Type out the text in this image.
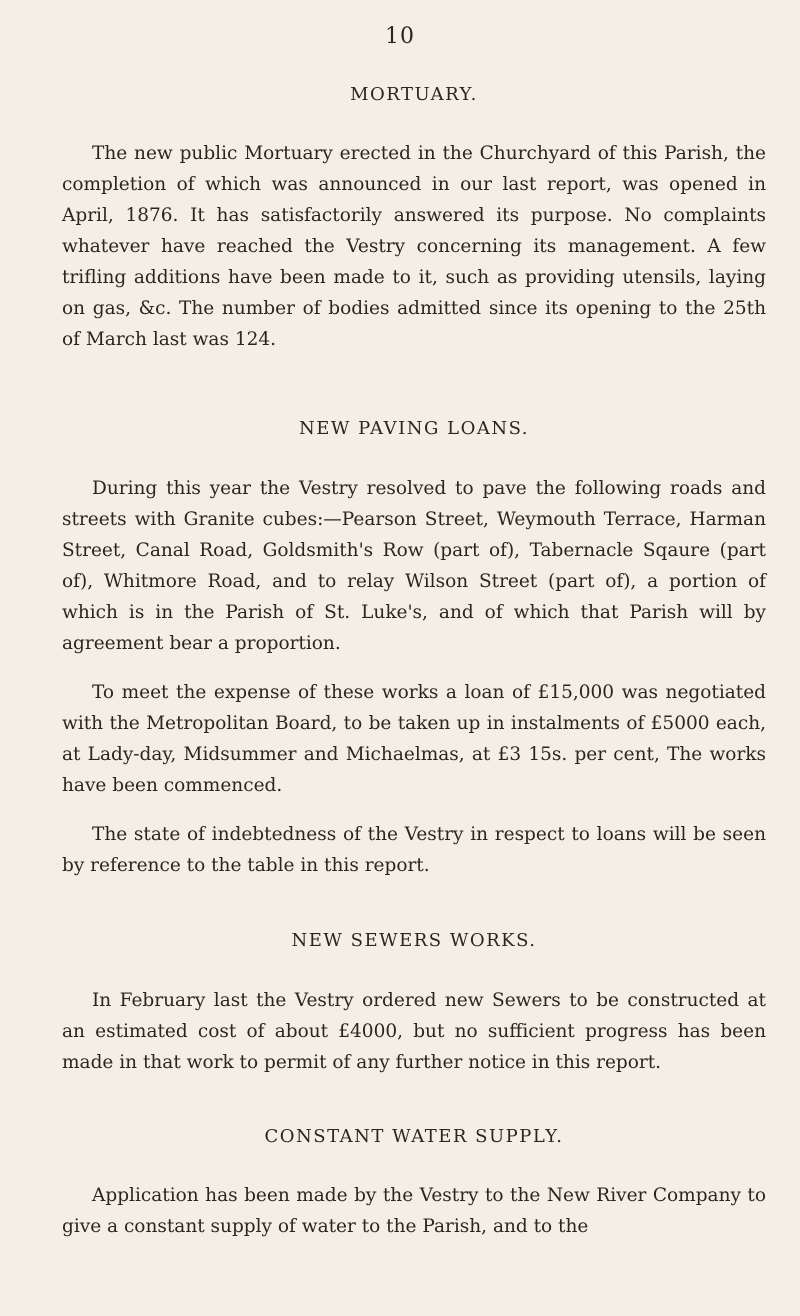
10
MORTUARY.

The new public Mortuary erected in the Churchyard of this Parish, the completion of which was announced in our last report, was opened in April, 1876. It has satisfactorily answered its purpose. No complaints whatever have reached the Vestry concerning its management. A few trifling additions have been made to it, such as providing utensils, laying on gas, &c. The number of bodies admitted since its opening to the 25th of March last was 124.

NEW PAVING LOANS.

During this year the Vestry resolved to pave the following roads and streets with Granite cubes:—Pearson Street, Weymouth Terrace, Harman Street, Canal Road, Goldsmith's Row (part of), Tabernacle Sqaure (part of), Whitmore Road, and to relay Wilson Street (part of), a portion of which is in the Parish of St. Luke's, and of which that Parish will by agreement bear a proportion.

To meet the expense of these works a loan of £15,000 was negotiated with the Metropolitan Board, to be taken up in instalments of £5000 each, at Lady-day, Midsummer and Michaelmas, at £3 15s. per cent, The works have been commenced.

The state of indebtedness of the Vestry in respect to loans will be seen by reference to the table in this report.

NEW SEWERS WORKS.

In February last the Vestry ordered new Sewers to be constructed at an estimated cost of about £4000, but no sufficient progress has been made in that work to permit of any further notice in this report.

CONSTANT WATER SUPPLY.

Application has been made by the Vestry to the New River Company to give a constant supply of water to the Parish, and to the
